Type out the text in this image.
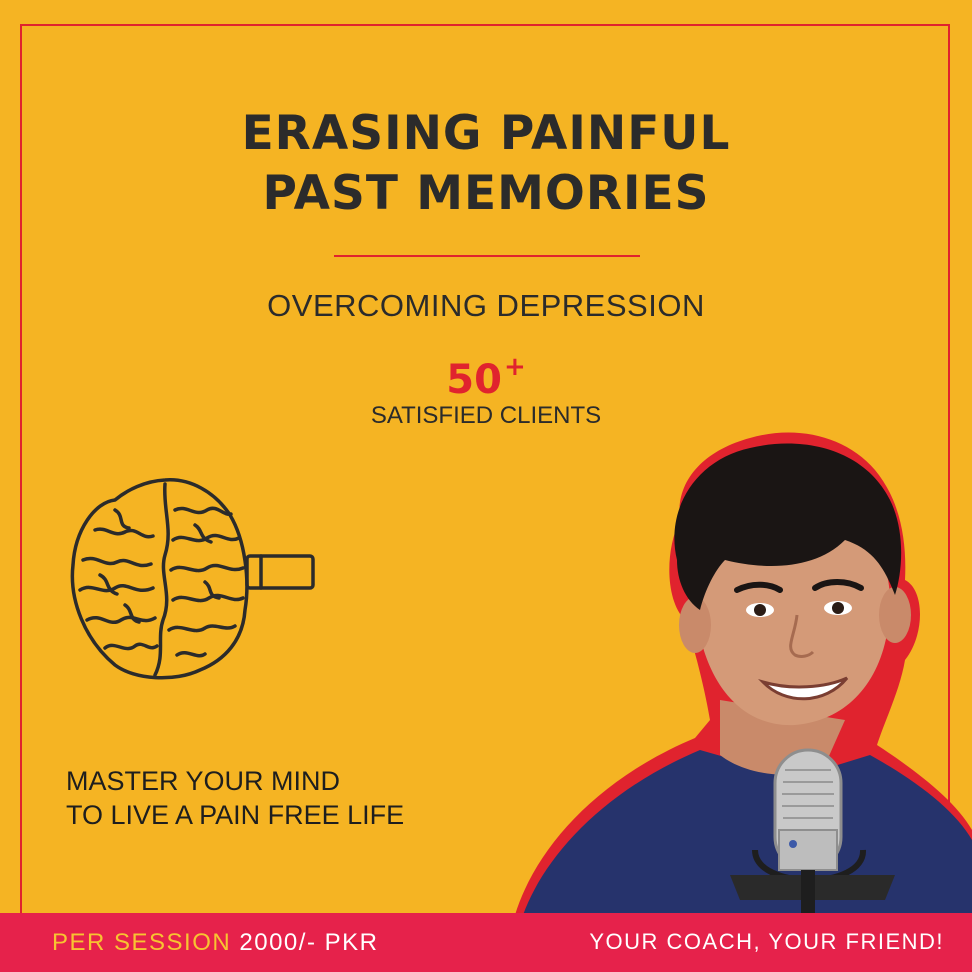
ERASING PAINFUL
PAST MEMORIES
OVERCOMING DEPRESSION
50+
SATISFIED CLIENTS
MASTER YOUR MIND
TO LIVE A PAIN FREE LIFE
PER SESSION 2000/- PKR	YOUR COACH, YOUR FRIEND!
